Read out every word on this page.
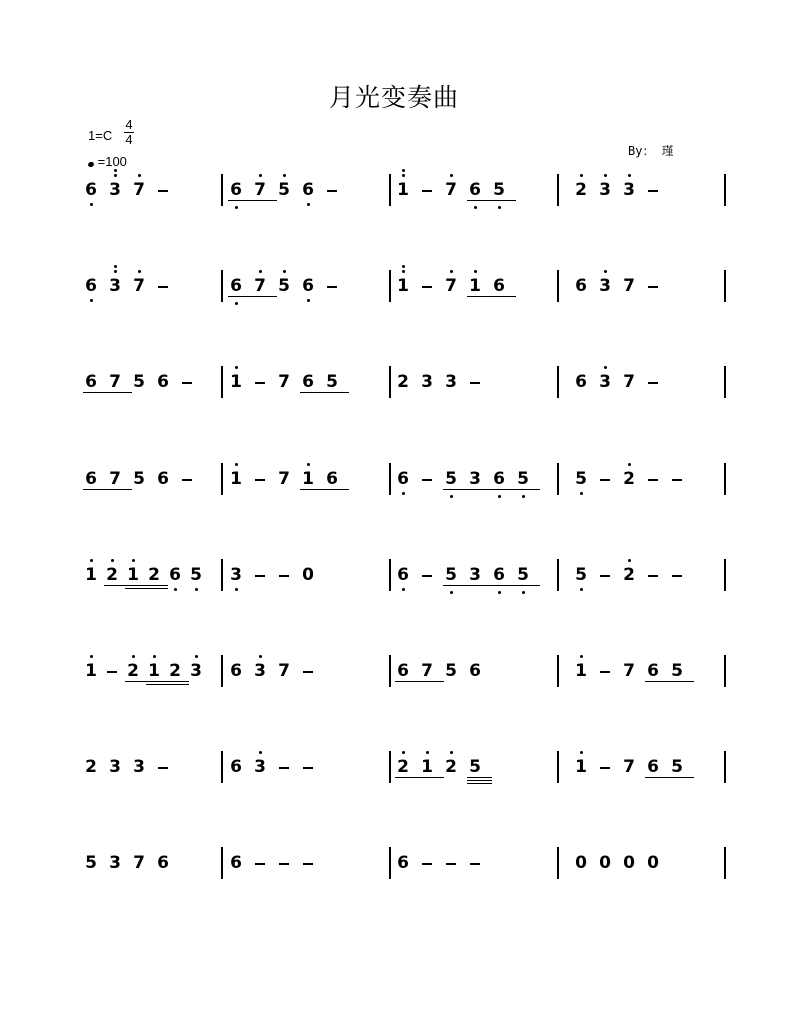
月光变奏曲
1=C
4
4
=100
By： 瑾
6 3 7	6 7 5 6	1 7 6 5	2 3 3
6 3 7	6 7 5 6	1 7 1 6	6 3 7
6 7 5 6	1 7 6 5	2 3 3	6 3 7
6 7 5 6	1 7 1 6	6 5 3 6 5	5 2
1 2 1 2 6 5 3	0	6 5 3 6 5	5 2
1 2 1 2 3 6 3 7	6 7 5 6	1 7 6 5
2 3 3	6 3	2 1 2 5	1 7 6 5
5 3 7 6	6	6	0 0 0 0
